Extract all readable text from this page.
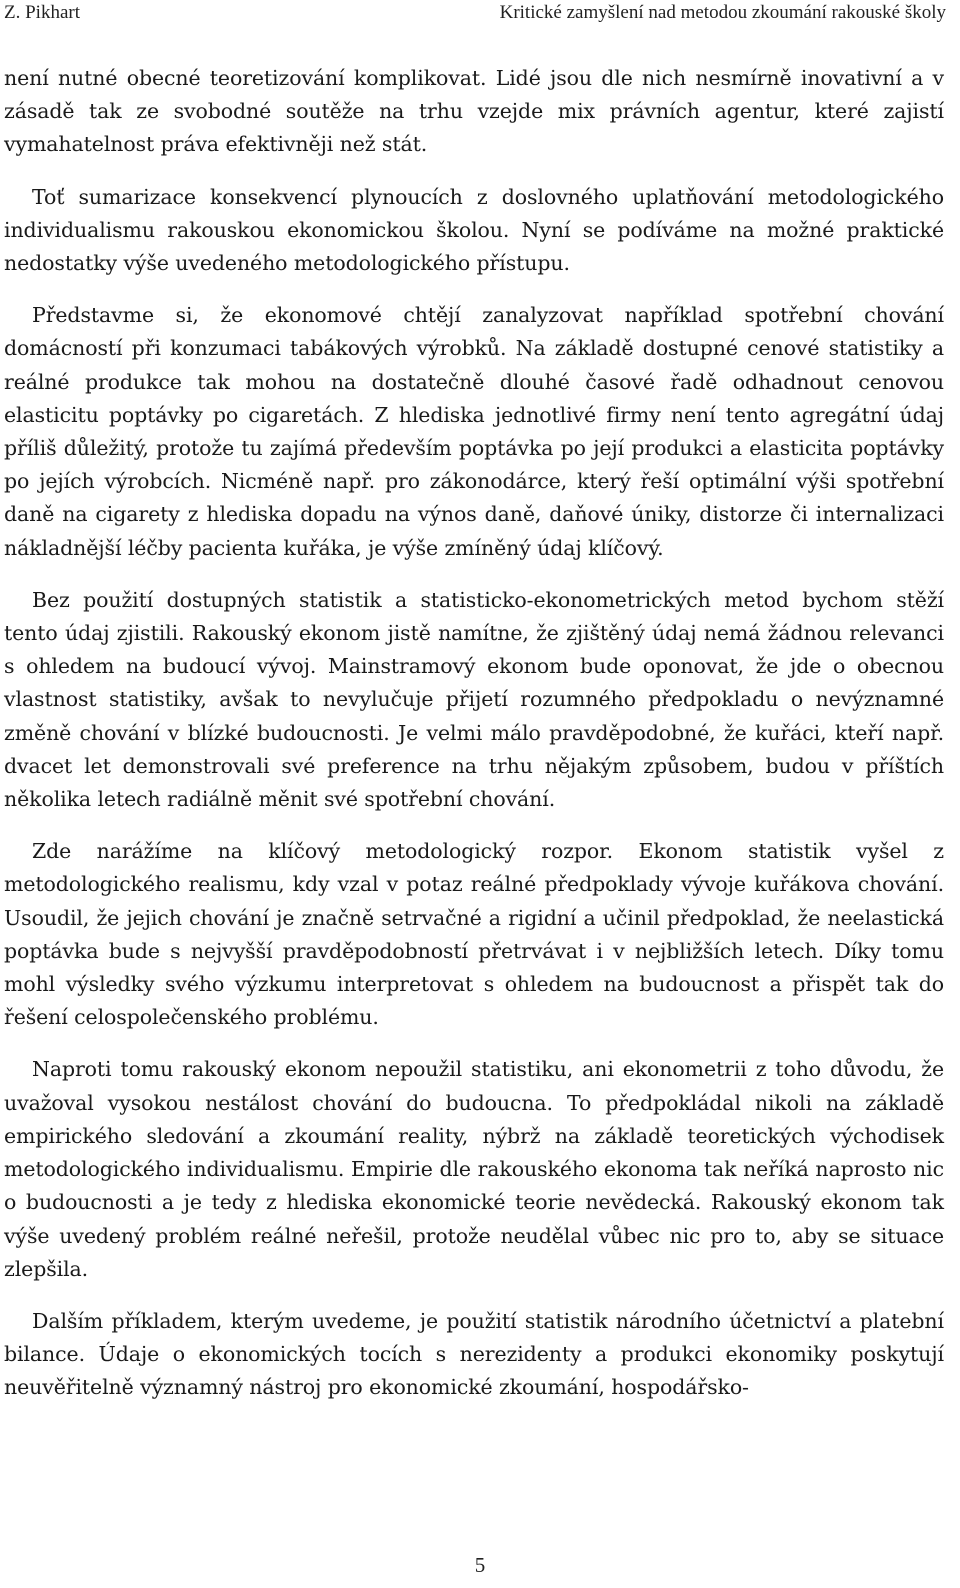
Z. Pikhart	Kritické zamyšlení nad metodou zkoumání rakouské školy

není nutné obecné teoretizování komplikovat. Lidé jsou dle nich nesmírně inovativní a v zásadě tak ze svobodné soutěže na trhu vzejde mix právních agentur, které zajistí vymahatelnost práva efektivněji než stát.

Toť sumarizace konsekvencí plynoucích z doslovného uplatňování metodologického individualismu rakouskou ekonomickou školou. Nyní se podíváme na možné praktické nedostatky výše uvedeného metodologického přístupu.

Představme si, že ekonomové chtějí zanalyzovat například spotřební chování domácností při konzumaci tabákových výrobků. Na základě dostupné cenové statistiky a reálné produkce tak mohou na dostatečně dlouhé časové řadě odhadnout cenovou elasticitu poptávky po cigaretách. Z hlediska jednotlivé firmy není tento agregátní údaj příliš důležitý, protože tu zajímá především poptávka po její produkci a elasticita poptávky po jejích výrobcích. Nicméně např. pro zákonodárce, který řeší optimální výši spotřební daně na cigarety z hlediska dopadu na výnos daně, daňové úniky, distorze či internalizaci nákladnější léčby pacienta kuřáka, je výše zmíněný údaj klíčový.

Bez použití dostupných statistik a statisticko-ekonometrických metod bychom stěží tento údaj zjistili. Rakouský ekonom jistě namítne, že zjištěný údaj nemá žádnou relevanci s ohledem na budoucí vývoj. Mainstramový ekonom bude oponovat, že jde o obecnou vlastnost statistiky, avšak to nevylučuje přijetí rozumného předpokladu o nevýznamné změně chování v blízké budoucnosti. Je velmi málo pravděpodobné, že kuřáci, kteří např. dvacet let demonstrovali své preference na trhu nějakým způsobem, budou v příštích několika letech radiálně měnit své spotřební chování.

Zde narážíme na klíčový metodologický rozpor. Ekonom statistik vyšel z metodologického realismu, kdy vzal v potaz reálné předpoklady vývoje kuřákova chování. Usoudil, že jejich chování je značně setrvačné a rigidní a učinil předpoklad, že neelastická poptávka bude s nejvyšší pravděpodobností přetrvávat i v nejbližších letech. Díky tomu mohl výsledky svého výzkumu interpretovat s ohledem na budoucnost a přispět tak do řešení celospolečenského problému.

Naproti tomu rakouský ekonom nepoužil statistiku, ani ekonometrii z toho důvodu, že uvažoval vysokou nestálost chování do budoucna. To předpokládal nikoli na základě empirického sledování a zkoumání reality, nýbrž na základě teoretických východisek metodologického individualismu. Empirie dle rakouského ekonoma tak neříká naprosto nic o budoucnosti a je tedy z hlediska ekonomické teorie nevědecká. Rakouský ekonom tak výše uvedený problém reálné neřešil, protože neudělal vůbec nic pro to, aby se situace zlepšila.

Dalším příkladem, kterým uvedeme, je použití statistik národního účetnictví a platební bilance. Údaje o ekonomických tocích s nerezidenty a produkci ekonomiky poskytují neuvěřitelně významný nástroj pro ekonomické zkoumání, hospodářsko-

5
